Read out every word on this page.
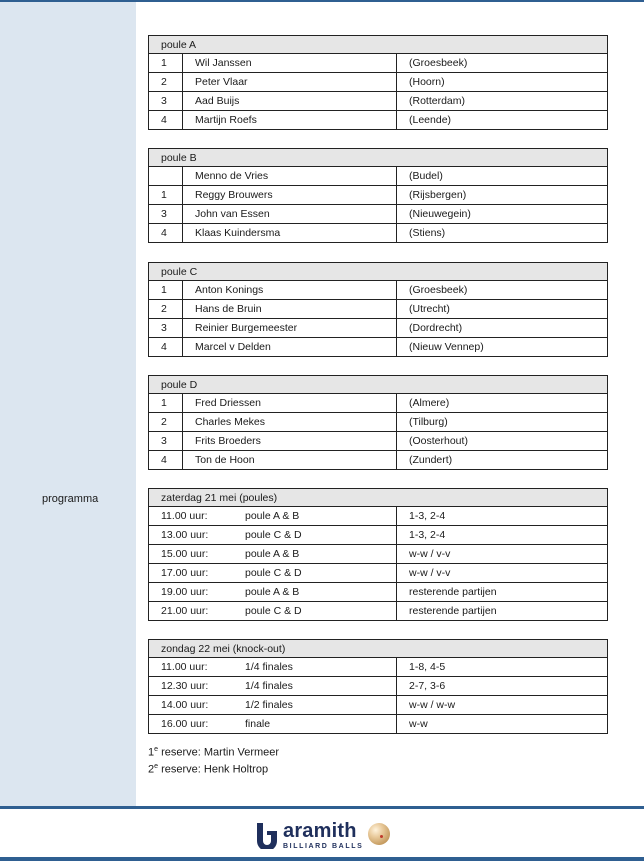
programma
poule A		
1	Wil Janssen	(Groesbeek)
2	Peter Vlaar	(Hoorn)
3	Aad Buijs	(Rotterdam)
4	Martijn Roefs	(Leende)
poule B		
	Menno de Vries	(Budel)
1	Reggy Brouwers	(Rijsbergen)
3	John van Essen	(Nieuwegein)
4	Klaas Kuindersma	(Stiens)
poule C		
1	Anton Konings	(Groesbeek)
2	Hans de Bruin	(Utrecht)
3	Reinier Burgemeester	(Dordrecht)
4	Marcel v Delden	(Nieuw Vennep)
poule D		
1	Fred Driessen	(Almere)
2	Charles Mekes	(Tilburg)
3	Frits Broeders	(Oosterhout)
4	Ton de Hoon	(Zundert)
zaterdag 21 mei (poules)	
11.00 uur: poule A & B	1-3, 2-4
13.00 uur: poule C & D	1-3, 2-4
15.00 uur: poule A & B	w-w / v-v
17.00 uur: poule C & D	w-w / v-v
19.00 uur: poule A & B	resterende partijen
21.00 uur: poule C & D	resterende partijen
zondag 22 mei (knock-out)	
11.00 uur: 1/4 finales	1-8, 4-5
12.30 uur: 1/4 finales	2-7, 3-6
14.00 uur: 1/2 finales	w-w / w-w
16.00 uur: finale	w-w
1e reserve: Martin Vermeer
2e reserve: Henk Holtrop
aramith
BILLIARD BALLS
